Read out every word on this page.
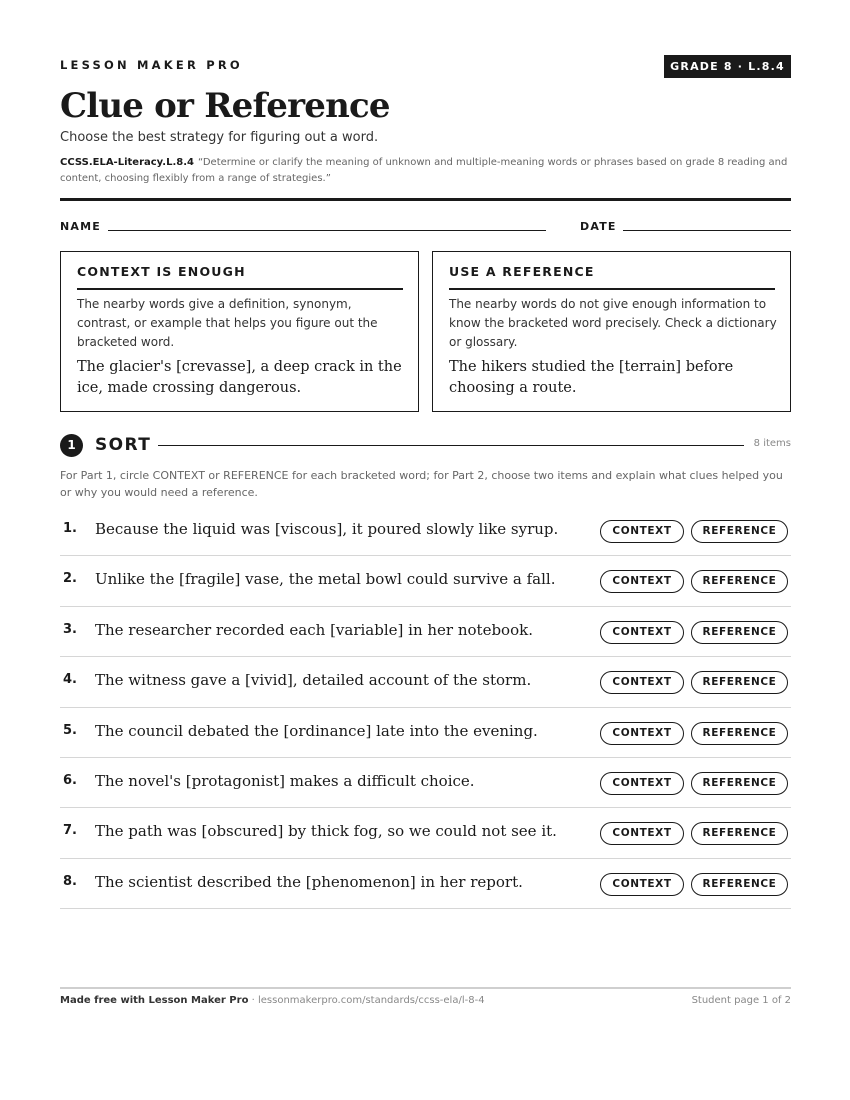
LESSON MAKER PRO	GRADE 8 · L.8.4
Clue or Reference
Choose the best strategy for figuring out a word.
CCSS.ELA-Literacy.L.8.4 “Determine or clarify the meaning of unknown and multiple-meaning words or phrases based on grade 8 reading and content, choosing flexibly from a range of strategies.”
NAME	DATE
CONTEXT IS ENOUGH
The nearby words give a definition, synonym, contrast, or example that helps you figure out the bracketed word.
The glacier's [crevasse], a deep crack in the ice, made crossing dangerous.
USE A REFERENCE
The nearby words do not give enough information to know the bracketed word precisely. Check a dictionary or glossary.
The hikers studied the [terrain] before choosing a route.
1	SORT	8 items
For Part 1, circle CONTEXT or REFERENCE for each bracketed word; for Part 2, choose two items and explain what clues helped you or why you would need a reference.
1. Because the liquid was [viscous], it poured slowly like syrup.	CONTEXT	REFERENCE
2. Unlike the [fragile] vase, the metal bowl could survive a fall.	CONTEXT	REFERENCE
3. The researcher recorded each [variable] in her notebook.	CONTEXT	REFERENCE
4. The witness gave a [vivid], detailed account of the storm.	CONTEXT	REFERENCE
5. The council debated the [ordinance] late into the evening.	CONTEXT	REFERENCE
6. The novel's [protagonist] makes a difficult choice.	CONTEXT	REFERENCE
7. The path was [obscured] by thick fog, so we could not see it.	CONTEXT	REFERENCE
8. The scientist described the [phenomenon] in her report.	CONTEXT	REFERENCE
Made free with Lesson Maker Pro · lessonmakerpro.com/standards/ccss-ela/l-8-4	Student page 1 of 2
